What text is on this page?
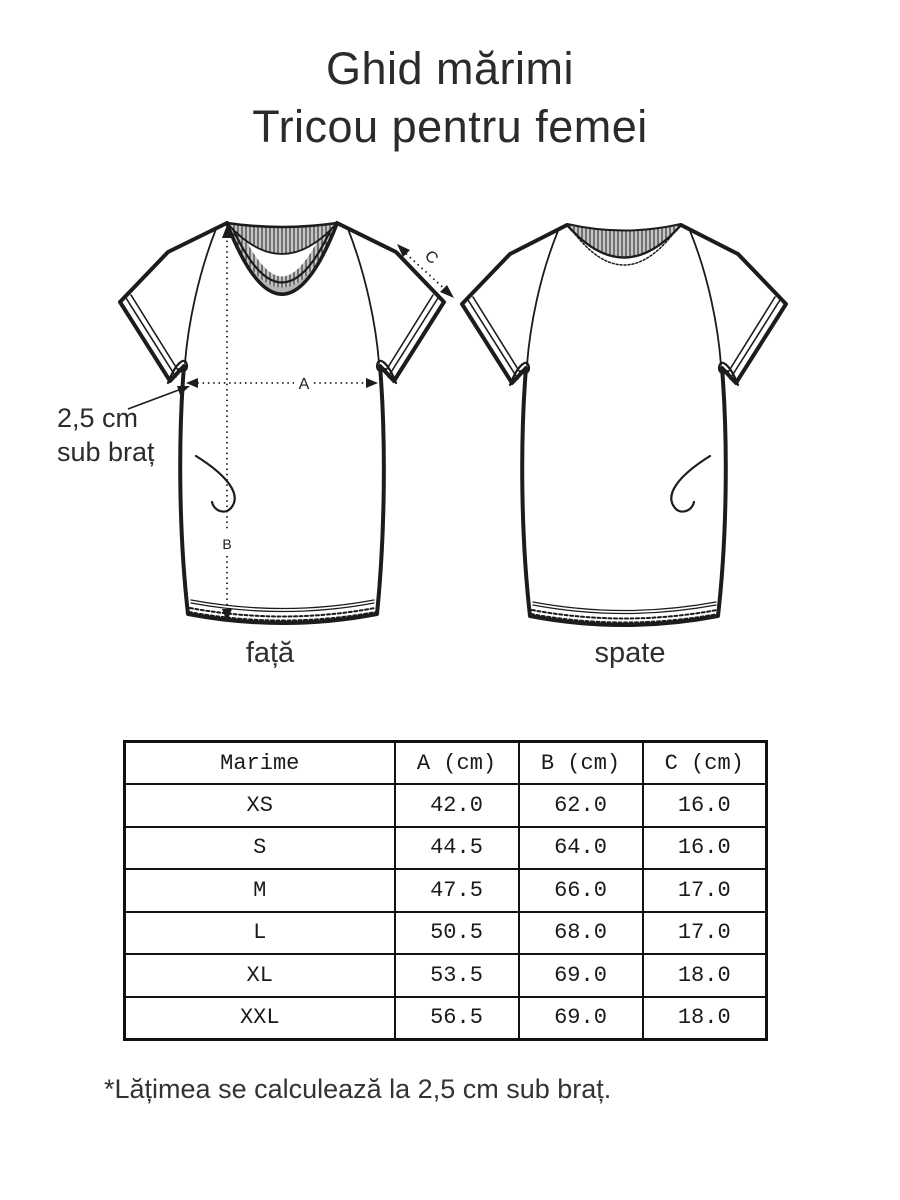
Ghid mărimi
Tricou pentru femei
B
A
C
2,5 cm
sub braț
față	spate
Marime	A (cm)	B (cm)	C (cm)
XS	42.0	62.0	16.0
S	44.5	64.0	16.0
M	47.5	66.0	17.0
L	50.5	68.0	17.0
XL	53.5	69.0	18.0
XXL	56.5	69.0	18.0
*Lățimea se calculează la 2,5 cm sub braț.
